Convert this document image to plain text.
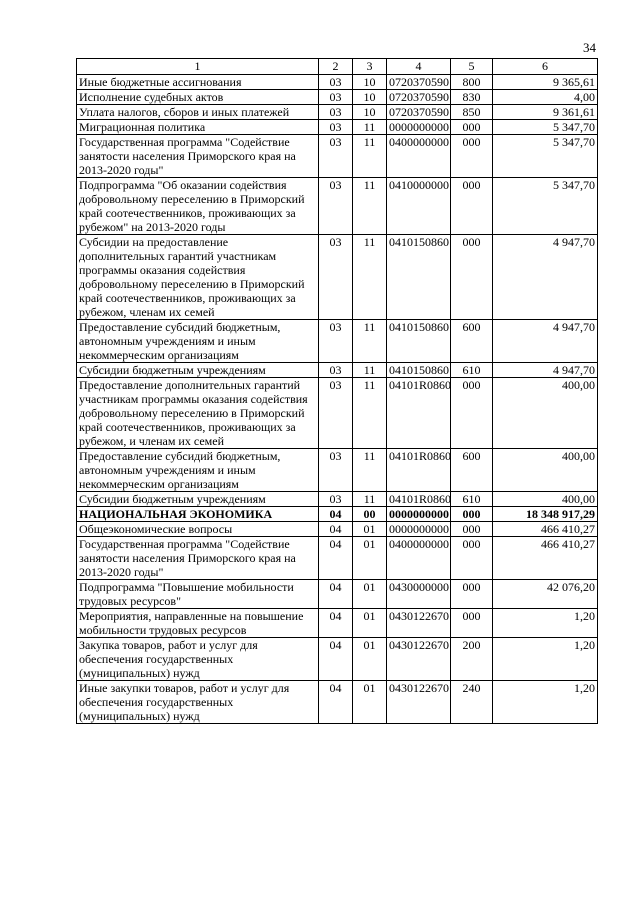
34
1	2	3	4	5	6
Иные бюджетные ассигнования	03	10	0720370590	800	9 365,61
Исполнение судебных актов	03	10	0720370590	830	4,00
Уплата налогов, сборов и иных платежей	03	10	0720370590	850	9 361,61
Миграционная политика	03	11	0000000000	000	5 347,70
Государственная программа "Содействие занятости населения Приморского края на 2013-2020 годы"	03	11	0400000000	000	5 347,70
Подпрограмма "Об оказании содействия добровольному переселению в Приморский край соотечественников, проживающих за рубежом" на 2013-2020 годы	03	11	0410000000	000	5 347,70
Субсидии на предоставление дополнительных гарантий участникам программы оказания содействия добровольному переселению в Приморский край соотечественников, проживающих за рубежом, членам их семей	03	11	0410150860	000	4 947,70
Предоставление субсидий бюджетным, автономным учреждениям и иным некоммерческим организациям	03	11	0410150860	600	4 947,70
Субсидии бюджетным учреждениям	03	11	0410150860	610	4 947,70
Предоставление дополнительных гарантий участникам программы оказания содействия добровольному переселению в Приморский край соотечественников, проживающих за рубежом, и членам их семей	03	11	04101R0860	000	400,00
Предоставление субсидий бюджетным, автономным учреждениям и иным некоммерческим организациям	03	11	04101R0860	600	400,00
Субсидии бюджетным учреждениям	03	11	04101R0860	610	400,00
НАЦИОНАЛЬНАЯ ЭКОНОМИКА	04	00	0000000000	000	18 348 917,29
Общеэкономические вопросы	04	01	0000000000	000	466 410,27
Государственная программа "Содействие занятости населения Приморского края на 2013-2020 годы"	04	01	0400000000	000	466 410,27
Подпрограмма "Повышение мобильности трудовых ресурсов"	04	01	0430000000	000	42 076,20
Мероприятия, направленные на повышение мобильности трудовых ресурсов	04	01	0430122670	000	1,20
Закупка товаров, работ и услуг для обеспечения государственных (муниципальных) нужд	04	01	0430122670	200	1,20
Иные закупки товаров, работ и услуг для обеспечения государственных (муниципальных) нужд	04	01	0430122670	240	1,20
